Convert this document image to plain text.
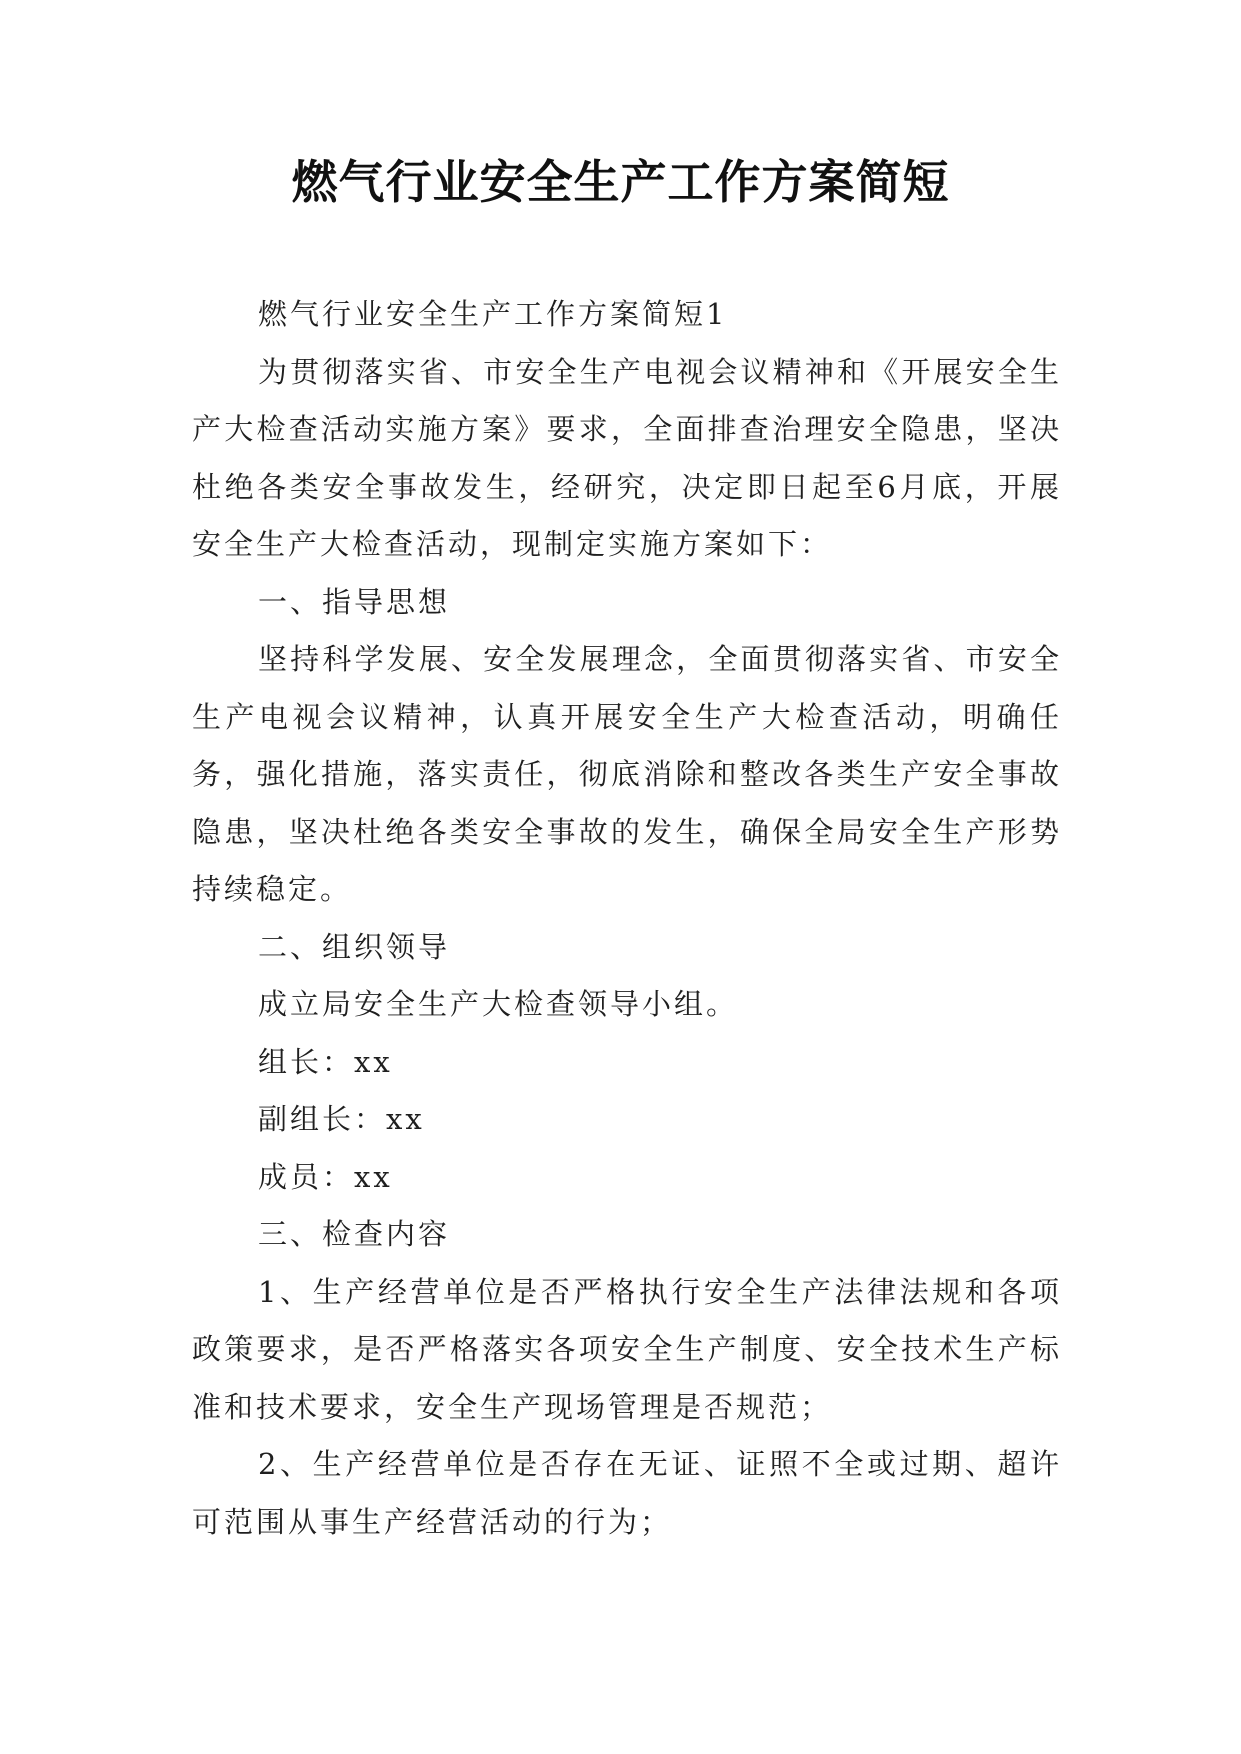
燃气行业安全生产工作方案简短

燃气行业安全生产工作方案简短1

为贯彻落实省、市安全生产电视会议精神和《开展安全生产大检查活动实施方案》要求，全面排查治理安全隐患，坚决杜绝各类安全事故发生，经研究，决定即日起至6月底，开展安全生产大检查活动，现制定实施方案如下：

一、指导思想

坚持科学发展、安全发展理念，全面贯彻落实省、市安全生产电视会议精神，认真开展安全生产大检查活动，明确任务，强化措施，落实责任，彻底消除和整改各类生产安全事故隐患，坚决杜绝各类安全事故的发生，确保全局安全生产形势持续稳定。

二、组织领导

成立局安全生产大检查领导小组。

组长：xx

副组长：xx

成员：xx

三、检查内容

1、生产经营单位是否严格执行安全生产法律法规和各项政策要求，是否严格落实各项安全生产制度、安全技术生产标准和技术要求，安全生产现场管理是否规范；

2、生产经营单位是否存在无证、证照不全或过期、超许可范围从事生产经营活动的行为；
